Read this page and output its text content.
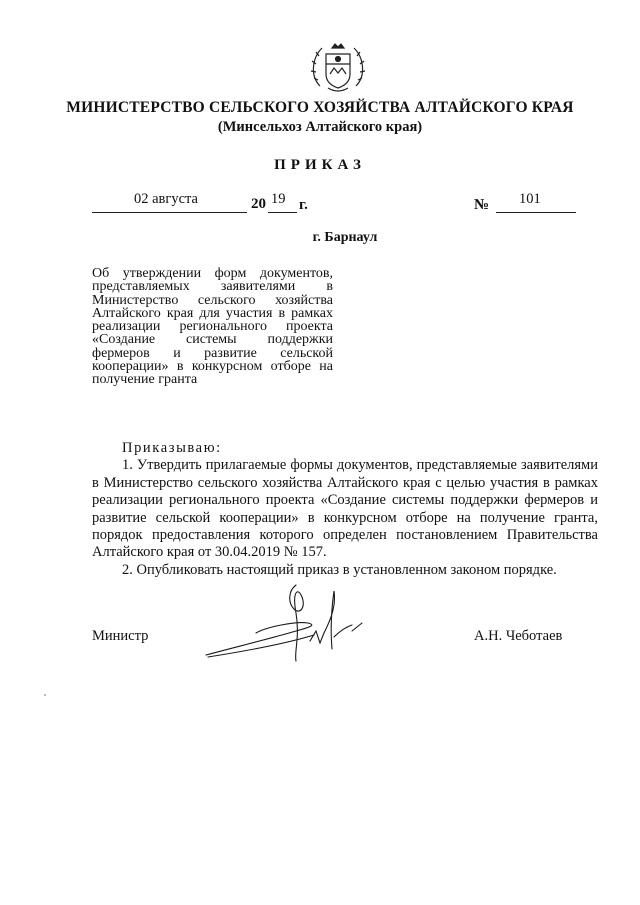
МИНИСТЕРСТВО СЕЛЬСКОГО ХОЗЯЙСТВА АЛТАЙСКОГО КРАЯ
(Минсельхоз Алтайского края)
ПРИКАЗ
02 августа	20 19 г.	№ 101
г. Барнаул
Об утверждении форм документов, представляемых заявителями в Министерство сельского хозяйства Алтайского края для участия в рамках реализации регионального проекта «Создание системы поддержки фермеров и развитие сельской кооперации» в конкурсном отборе на получение гранта
Приказываю:

1. Утвердить прилагаемые формы документов, представляемые заявителями в Министерство сельского хозяйства Алтайского края с целью участия в рамках реализации регионального проекта «Создание системы поддержки фермеров и развитие сельской кооперации» в конкурсном отборе на получение гранта, порядок предоставления которого определен постановлением Правительства Алтайского края от 30.04.2019 № 157.

2. Опубликовать настоящий приказ в установленном законом порядке.

Министр	А.Н. Чеботаев
